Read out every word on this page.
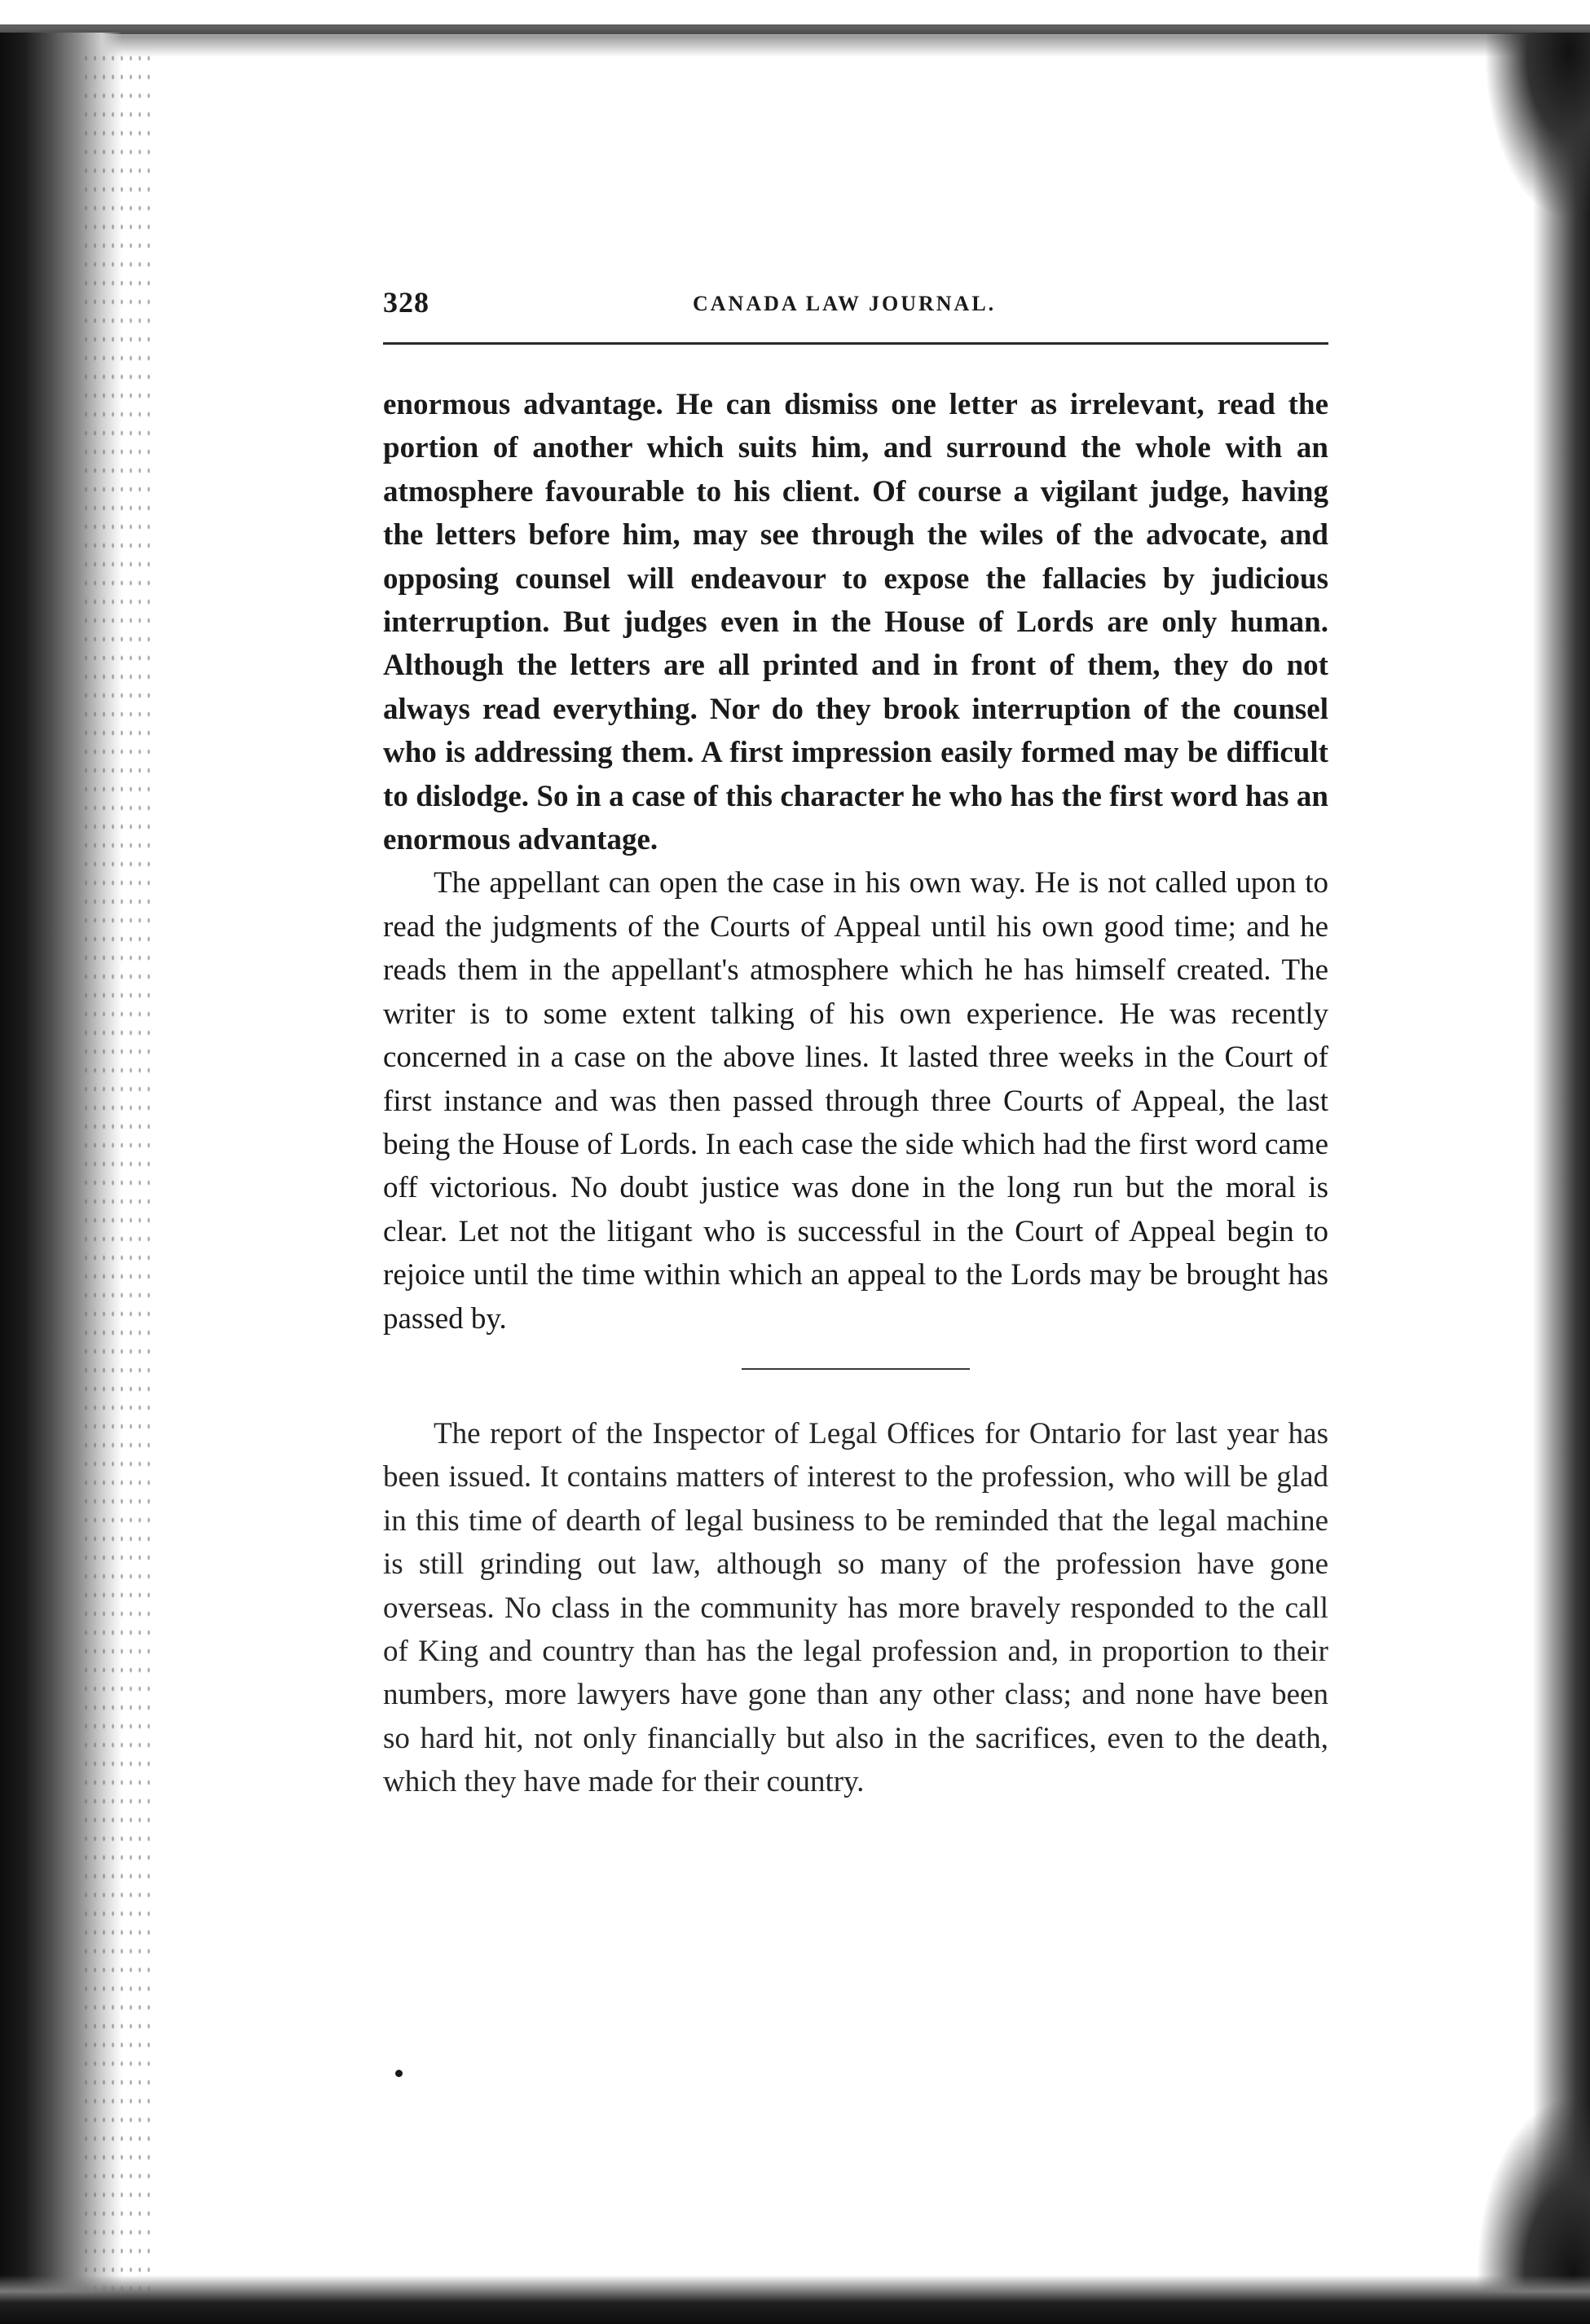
328	CANADA LAW JOURNAL.

enormous advantage. He can dismiss one letter as irrelevant, read the portion of another which suits him, and surround the whole with an atmosphere favourable to his client. Of course a vigilant judge, having the letters before him, may see through the wiles of the advocate, and opposing counsel will endeavour to expose the fallacies by judicious interruption. But judges even in the House of Lords are only human. Although the letters are all printed and in front of them, they do not always read everything. Nor do they brook interruption of the counsel who is addressing them. A first impression easily formed may be difficult to dislodge. So in a case of this character he who has the first word has an enormous advantage.

The appellant can open the case in his own way. He is not called upon to read the judgments of the Courts of Appeal until his own good time; and he reads them in the appellant's atmosphere which he has himself created. The writer is to some extent talking of his own experience. He was recently concerned in a case on the above lines. It lasted three weeks in the Court of first instance and was then passed through three Courts of Appeal, the last being the House of Lords. In each case the side which had the first word came off victorious. No doubt justice was done in the long run but the moral is clear. Let not the litigant who is successful in the Court of Appeal begin to rejoice until the time within which an appeal to the Lords may be brought has passed by.

The report of the Inspector of Legal Offices for Ontario for last year has been issued. It contains matters of interest to the profession, who will be glad in this time of dearth of legal business to be reminded that the legal machine is still grinding out law, although so many of the profession have gone overseas. No class in the community has more bravely responded to the call of King and country than has the legal profession and, in proportion to their numbers, more lawyers have gone than any other class; and none have been so hard hit, not only financially but also in the sacrifices, even to the death, which they have made for their country.
